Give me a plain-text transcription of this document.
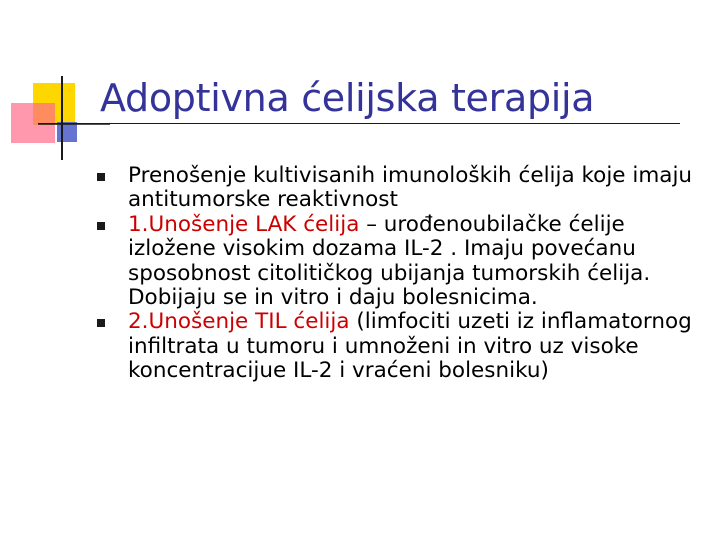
Adoptivna ćelijska terapija
Prenošenje kultivisanih imunoloških ćelija koje imaju antitumorske reaktivnost
1.Unošenje LAK ćelija – urođenoubilačke ćelije izložene visokim dozama IL-2 . Imaju povećanu sposobnost citolitičkog ubijanja tumorskih ćelija. Dobijaju se in vitro i daju bolesnicima.
2.Unošenje TIL ćelija (limfociti uzeti iz inflamatornog infiltrata u tumoru i umnoženi in vitro uz visoke koncentracijue IL-2 i vraćeni bolesniku)
